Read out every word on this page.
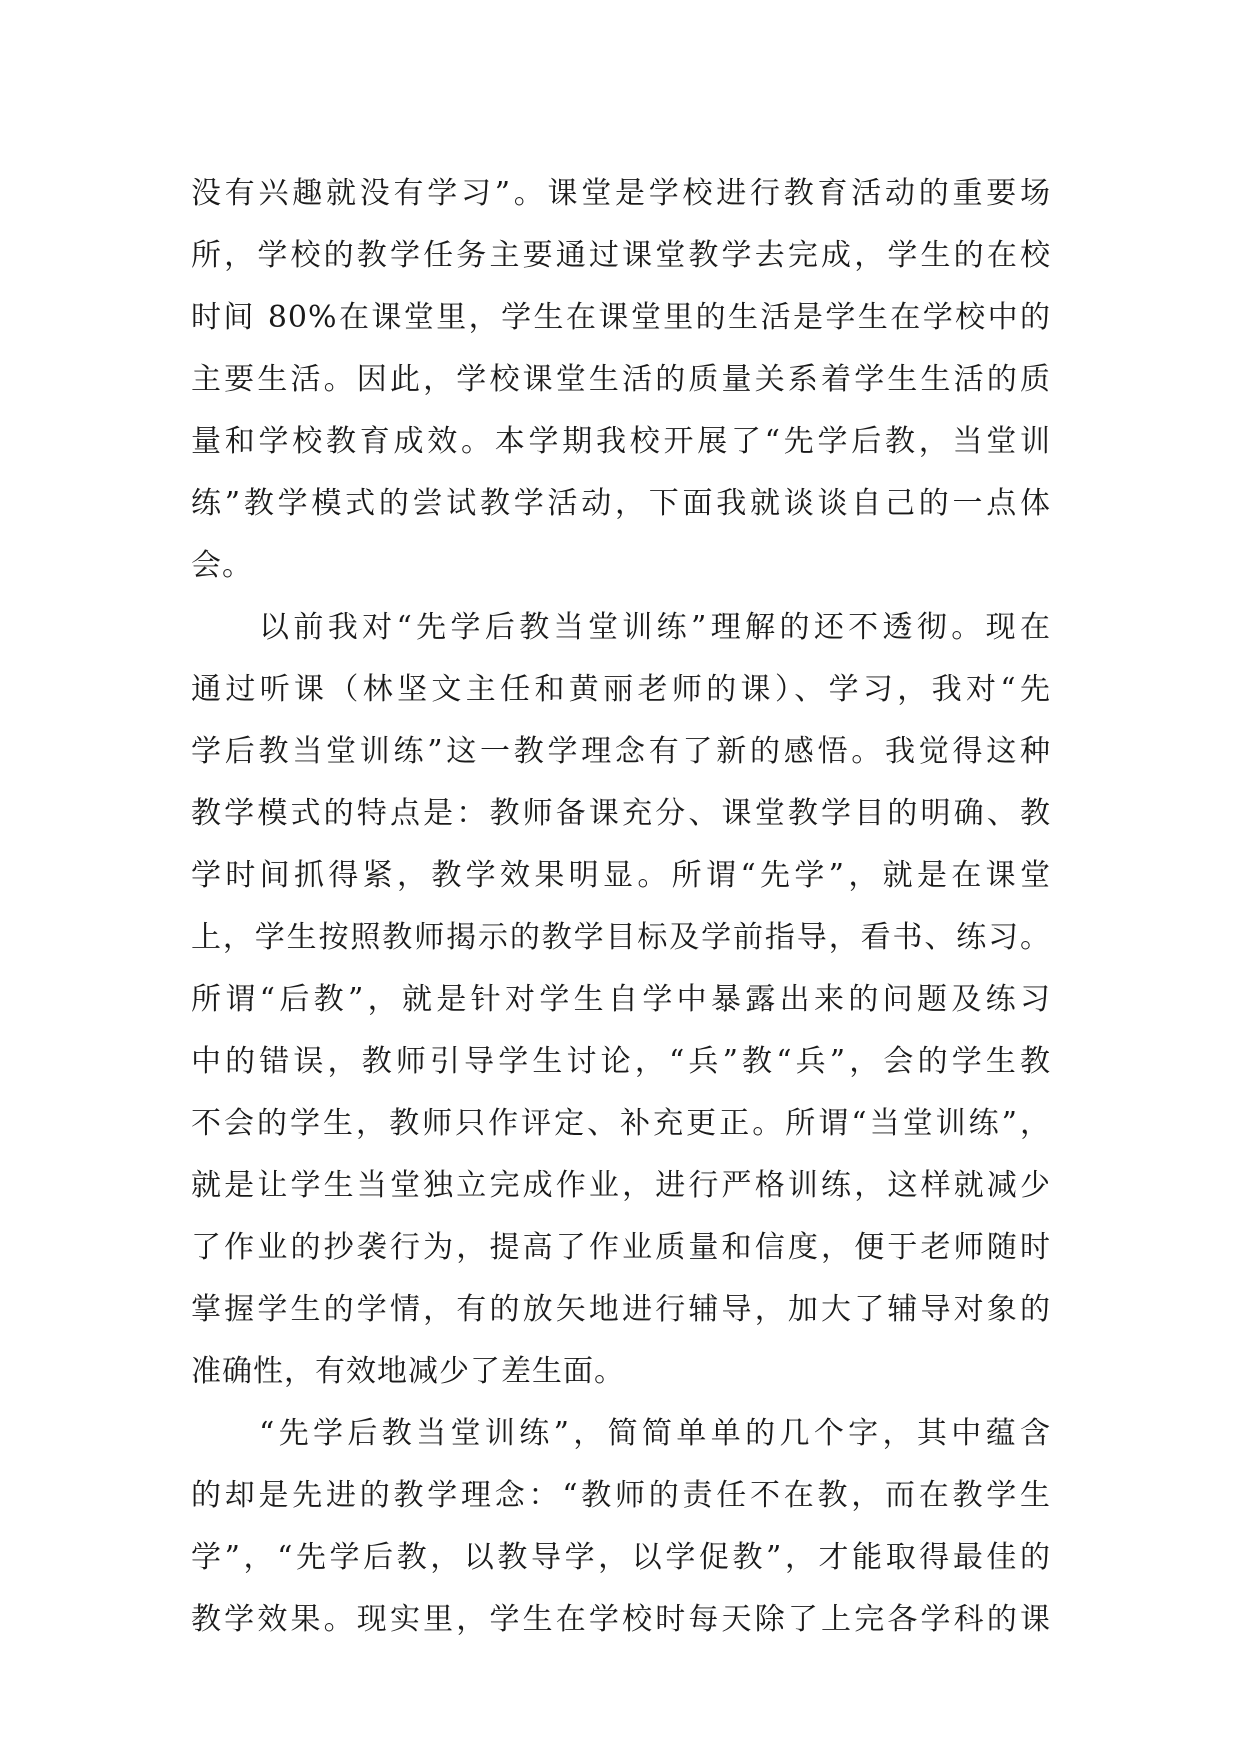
没有兴趣就没有学习”。课堂是学校进行教育活动的重要场
所，学校的教学任务主要通过课堂教学去完成，学生的在校
时间 80%在课堂里，学生在课堂里的生活是学生在学校中的
主要生活。因此，学校课堂生活的质量关系着学生生活的质
量和学校教育成效。本学期我校开展了“先学后教，当堂训
练”教学模式的尝试教学活动，下面我就谈谈自己的一点体
会。
以前我对“先学后教当堂训练”理解的还不透彻。现在
通过听课（林坚文主任和黄丽老师的课）、学习，我对“先
学后教当堂训练”这一教学理念有了新的感悟。我觉得这种
教学模式的特点是：教师备课充分、课堂教学目的明确、教
学时间抓得紧，教学效果明显。所谓“先学”，就是在课堂
上，学生按照教师揭示的教学目标及学前指导，看书、练习。
所谓“后教”，就是针对学生自学中暴露出来的问题及练习
中的错误，教师引导学生讨论，“兵”教“兵”，会的学生教
不会的学生，教师只作评定、补充更正。所谓“当堂训练”，
就是让学生当堂独立完成作业，进行严格训练，这样就减少
了作业的抄袭行为，提高了作业质量和信度，便于老师随时
掌握学生的学情，有的放矢地进行辅导，加大了辅导对象的
准确性，有效地减少了差生面。
“先学后教当堂训练”，简简单单的几个字，其中蕴含
的却是先进的教学理念：“教师的责任不在教，而在教学生
学”，“先学后教，以教导学，以学促教”，才能取得最佳的
教学效果。现实里，学生在学校时每天除了上完各学科的课
